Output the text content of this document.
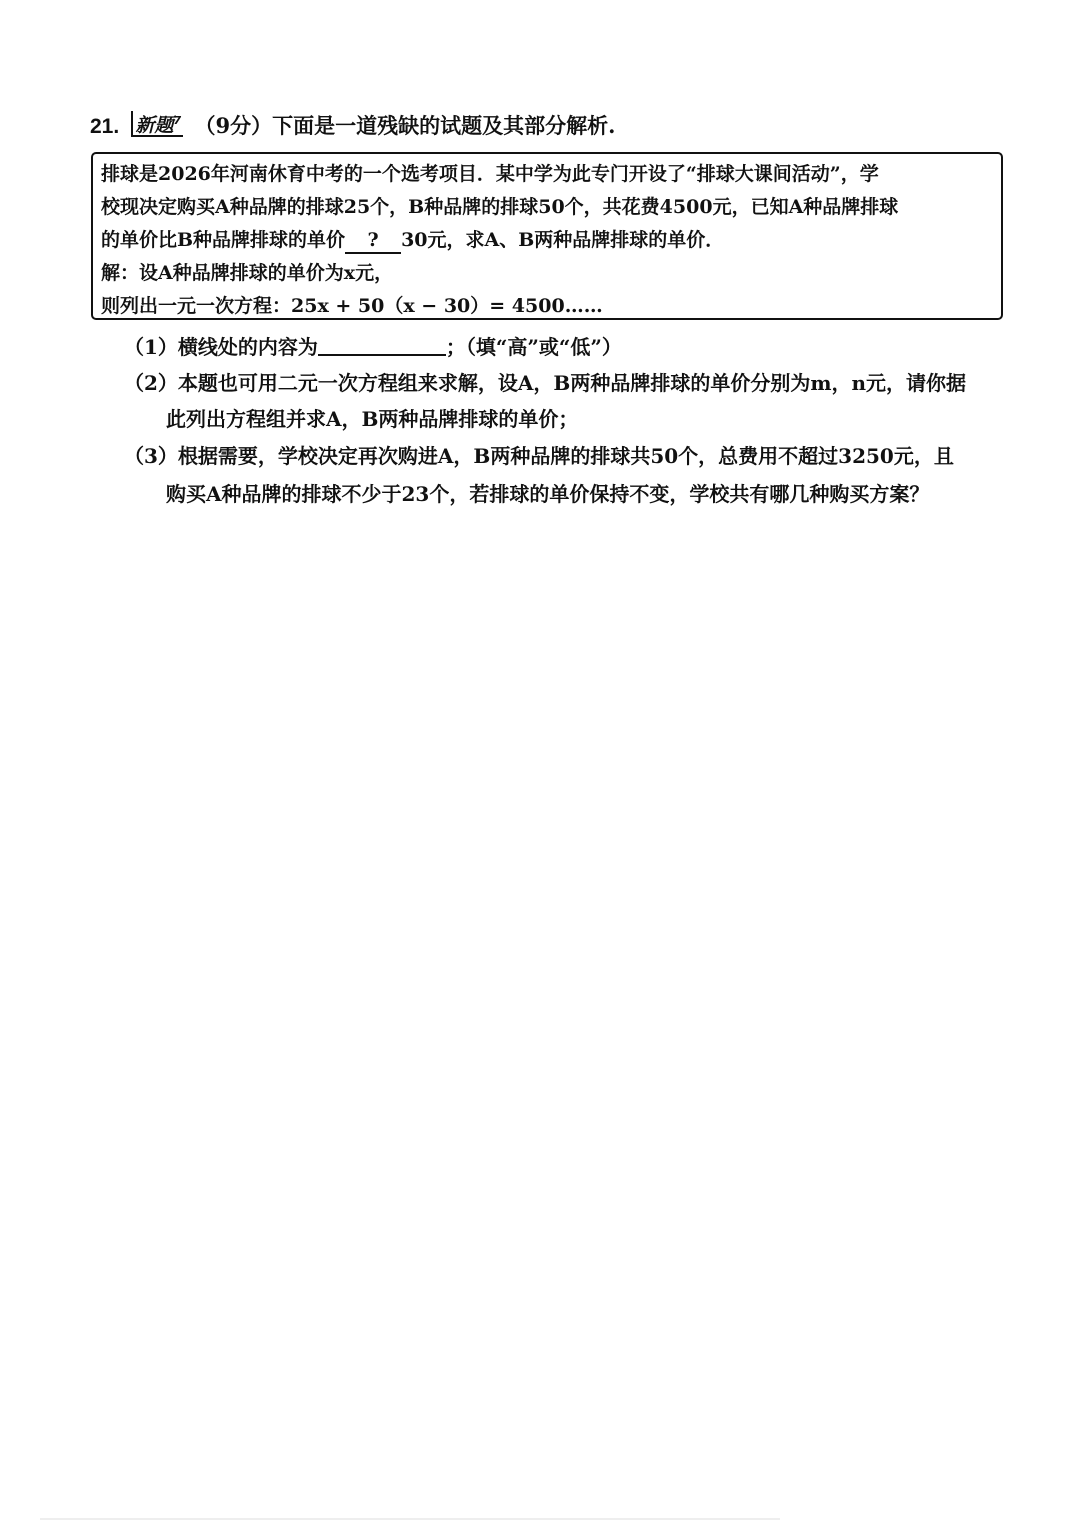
21. 新题$^7$ （9分）下面是一道残缺的试题及其部分解析.
排球是2026年河南休育中考的一个选考项目．某中学为此专门开设了“排球大课间活动”，学
校现决定购买A种品牌的排球25个，B种品牌的排球50个，共花费4500元，已知A种品牌排球
的单价比B种品牌排球的单价 ? 30元，求A、B两种品牌排球的单价．
解：设A种品牌排球的单价为x元，
则列出一元一次方程：25x + 50（x − 30）= 4500……
（1）横线处的内容为	；（填“高”或“低”）
（2）本题也可用二元一次方程组来求解，设A，B两种品牌排球的单价分别为m，n元，请你据
此列出方程组并求A，B两种品牌排球的单价；
（3）根据需要，学校决定再次购进A，B两种品牌的排球共50个，总费用不超过3250元，且
购买A种品牌的排球不少于23个，若排球的单价保持不变，学校共有哪几种购买方案？
